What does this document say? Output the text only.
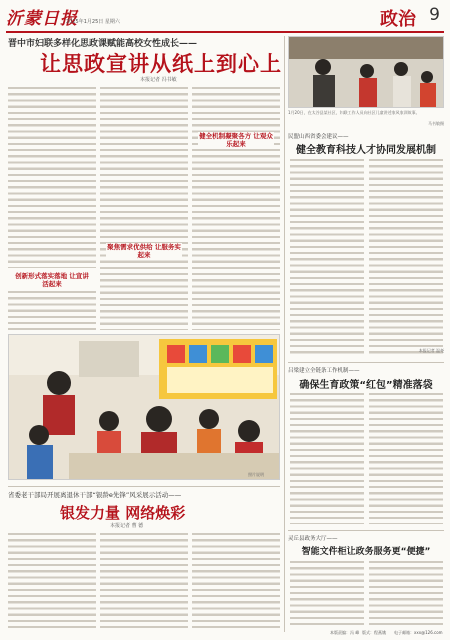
沂蒙日报
2025年1月25日 星期六	政治 9
晋中市妇联多样化思政课赋能高校女性成长——
让思政宣讲从纸上到心上
本报记者 冯书敏
创新形式落实落地 让宣讲活起来
聚焦需求优供给 让服务实起来
健全机制凝聚各方 让观众乐起来
照片说明
1月20日，在太谷县某社区，妇联工作人员向社区儿童讲述家风家训故事。
马书敏摄
民盟山西省委会建议——
健全教育科技人才协同发展机制
本报记者 温尧
吕梁建立全链条工作机制——
确保生育政策“红包”精准落袋
灵丘县政务大厅——
智能文件柜让政务服务更“便捷”
省委老干部局开展离退休干部“银龄e先锋”风采展示活动——
银发力量 网络焕彩
本报记者 曹 德
本版责编：冯 峰 版式：程燕娥 电子邮箱：xxx@126.com
